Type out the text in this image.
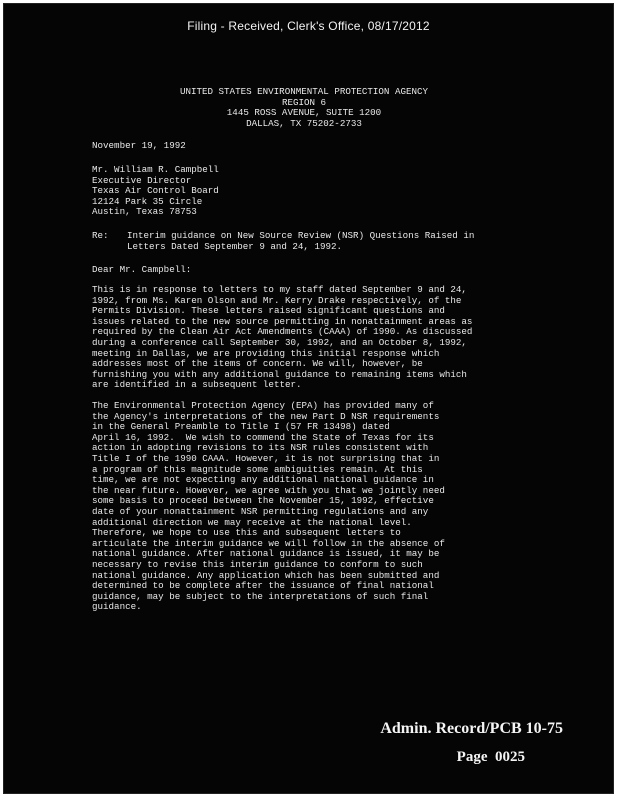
Filing - Received, Clerk's Office, 08/17/2012
UNITED STATES ENVIRONMENTAL PROTECTION AGENCY
REGION 6
1445 ROSS AVENUE, SUITE 1200
DALLAS, TX 75202-2733
November 19, 1992
Mr. William R. Campbell
Executive Director
Texas Air Control Board
12124 Park 35 Circle
Austin, Texas 78753
Re: Interim guidance on New Source Review (NSR) Questions Raised in
Letters Dated September 9 and 24, 1992.
Dear Mr. Campbell:
This is in response to letters to my staff dated September 9 and 24,
1992, from Ms. Karen Olson and Mr. Kerry Drake respectively, of the
Permits Division. These letters raised significant questions and
issues related to the new source permitting in nonattainment areas as
required by the Clean Air Act Amendments (CAAA) of 1990. As discussed
during a conference call September 30, 1992, and an October 8, 1992,
meeting in Dallas, we are providing this initial response which
addresses most of the items of concern. We will, however, be
furnishing you with any additional guidance to remaining items which
are identified in a subsequent letter.
The Environmental Protection Agency (EPA) has provided many of
the Agency's interpretations of the new Part D NSR requirements
in the General Preamble to Title I (57 FR 13498) dated
April 16, 1992.  We wish to commend the State of Texas for its
action in adopting revisions to its NSR rules consistent with
Title I of the 1990 CAAA. However, it is not surprising that in
a program of this magnitude some ambiguities remain. At this
time, we are not expecting any additional national guidance in
the near future. However, we agree with you that we jointly need
some basis to proceed between the November 15, 1992, effective
date of your nonattainment NSR permitting regulations and any
additional direction we may receive at the national level.
Therefore, we hope to use this and subsequent letters to
articulate the interim guidance we will follow in the absence of
national guidance. After national guidance is issued, it may be
necessary to revise this interim guidance to conform to such
national guidance. Any application which has been submitted and
determined to be complete after the issuance of final national
guidance, may be subject to the interpretations of such final
guidance.
Admin. Record/PCB 10-75
Page  0025
